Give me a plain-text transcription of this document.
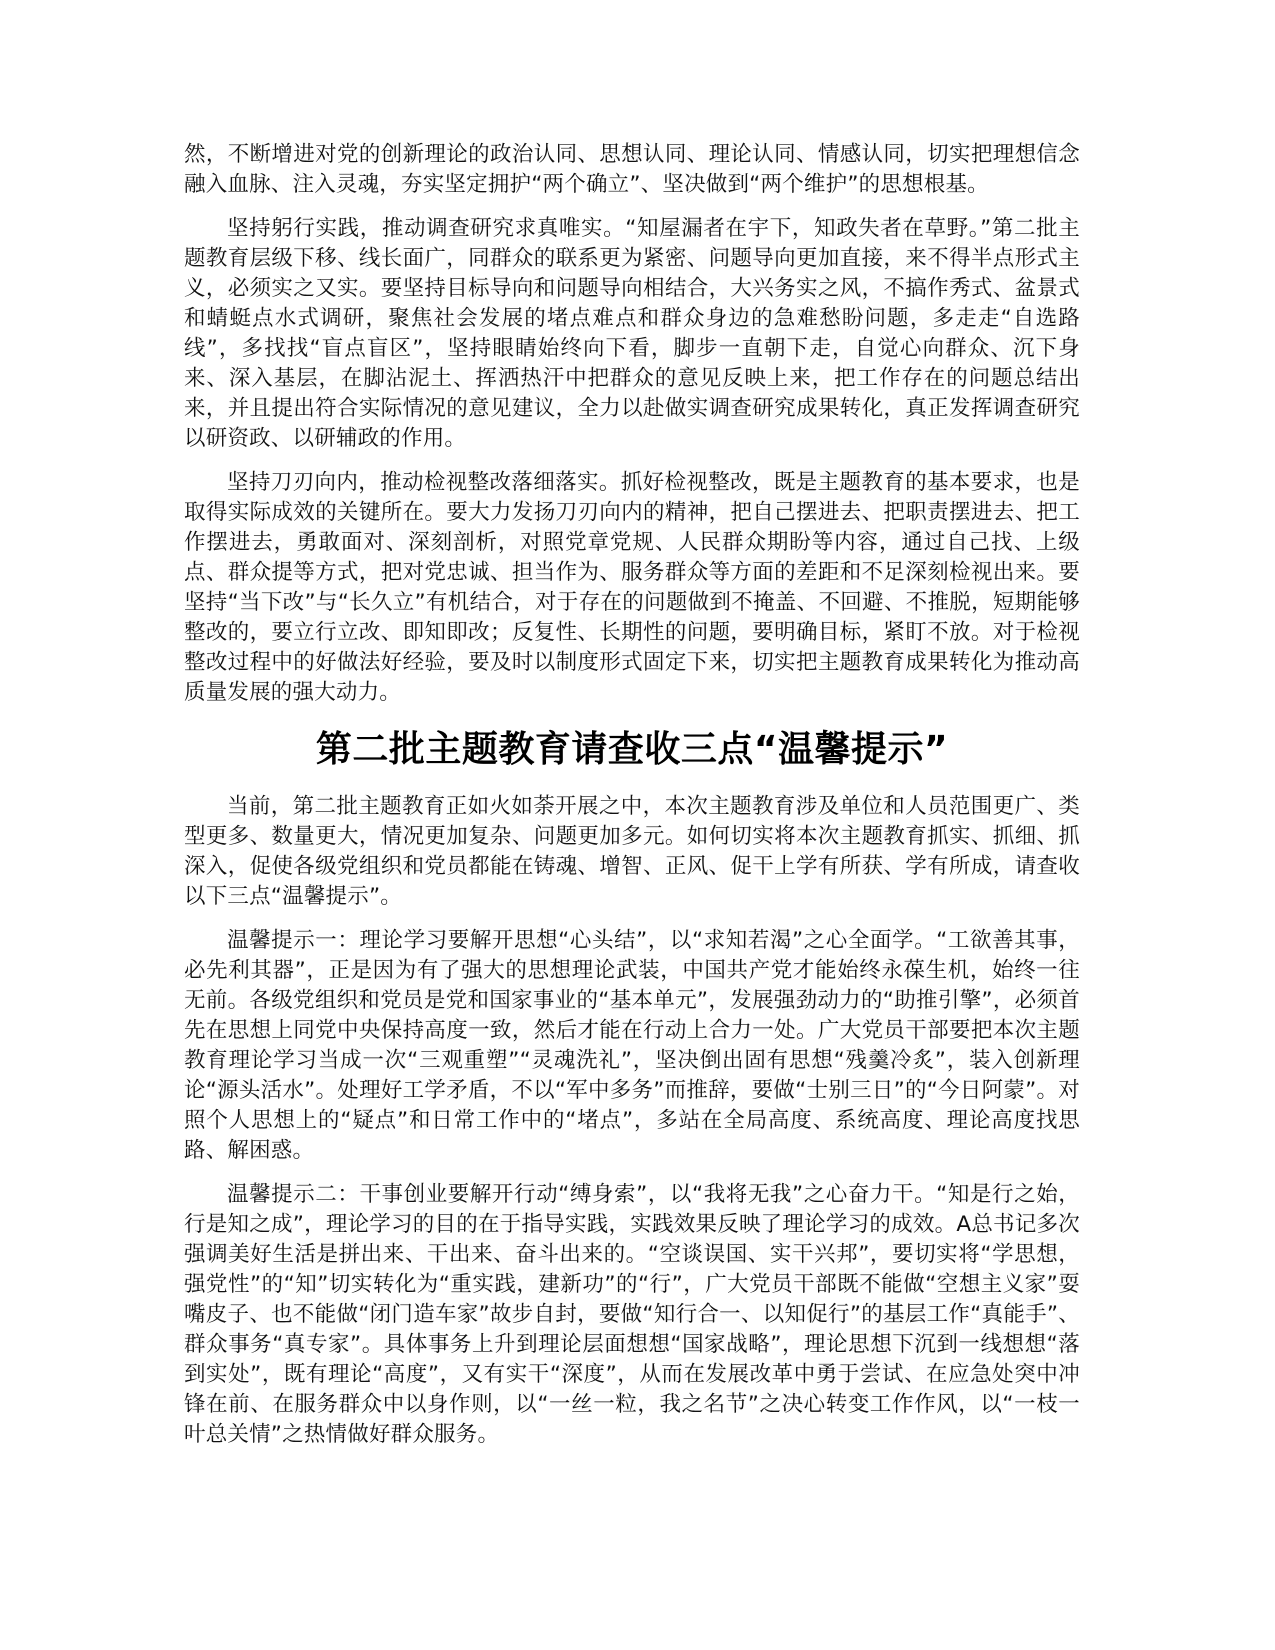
然，不断增进对党的创新理论的政治认同、思想认同、理论认同、情感认同，切实把理想信念融入血脉、注入灵魂，夯实坚定拥护“两个确立”、坚决做到“两个维护”的思想根基。

坚持躬行实践，推动调查研究求真唯实。“知屋漏者在宇下，知政失者在草野。”第二批主题教育层级下移、线长面广，同群众的联系更为紧密、问题导向更加直接，来不得半点形式主义，必须实之又实。要坚持目标导向和问题导向相结合，大兴务实之风，不搞作秀式、盆景式和蜻蜓点水式调研，聚焦社会发展的堵点难点和群众身边的急难愁盼问题，多走走“自选路线”，多找找“盲点盲区”，坚持眼睛始终向下看，脚步一直朝下走，自觉心向群众、沉下身来、深入基层，在脚沾泥土、挥洒热汗中把群众的意见反映上来，把工作存在的问题总结出来，并且提出符合实际情况的意见建议，全力以赴做实调查研究成果转化，真正发挥调查研究以研资政、以研辅政的作用。

坚持刀刃向内，推动检视整改落细落实。抓好检视整改，既是主题教育的基本要求，也是取得实际成效的关键所在。要大力发扬刀刃向内的精神，把自己摆进去、把职责摆进去、把工作摆进去，勇敢面对、深刻剖析，对照党章党规、人民群众期盼等内容，通过自己找、上级点、群众提等方式，把对党忠诚、担当作为、服务群众等方面的差距和不足深刻检视出来。要坚持“当下改”与“长久立”有机结合，对于存在的问题做到不掩盖、不回避、不推脱，短期能够整改的，要立行立改、即知即改；反复性、长期性的问题，要明确目标，紧盯不放。对于检视整改过程中的好做法好经验，要及时以制度形式固定下来，切实把主题教育成果转化为推动高质量发展的强大动力。

第二批主题教育请查收三点“温馨提示”

当前，第二批主题教育正如火如荼开展之中，本次主题教育涉及单位和人员范围更广、类型更多、数量更大，情况更加复杂、问题更加多元。如何切实将本次主题教育抓实、抓细、抓深入，促使各级党组织和党员都能在铸魂、增智、正风、促干上学有所获、学有所成，请查收以下三点“温馨提示”。

温馨提示一：理论学习要解开思想“心头结”，以“求知若渴”之心全面学。“工欲善其事，必先利其器”，正是因为有了强大的思想理论武装，中国共产党才能始终永葆生机，始终一往无前。各级党组织和党员是党和国家事业的“基本单元”，发展强劲动力的“助推引擎”，必须首先在思想上同党中央保持高度一致，然后才能在行动上合力一处。广大党员干部要把本次主题教育理论学习当成一次“三观重塑”“灵魂洗礼”，坚决倒出固有思想“残羹冷炙”，装入创新理论“源头活水”。处理好工学矛盾，不以“军中多务”而推辞，要做“士别三日”的“今日阿蒙”。对照个人思想上的“疑点”和日常工作中的“堵点”，多站在全局高度、系统高度、理论高度找思路、解困惑。

温馨提示二：干事创业要解开行动“缚身索”，以“我将无我”之心奋力干。“知是行之始，行是知之成”，理论学习的目的在于指导实践，实践效果反映了理论学习的成效。A总书记多次强调美好生活是拼出来、干出来、奋斗出来的。“空谈误国、实干兴邦”，要切实将“学思想，强党性”的“知”切实转化为“重实践，建新功”的“行”，广大党员干部既不能做“空想主义家”耍嘴皮子、也不能做“闭门造车家”故步自封，要做“知行合一、以知促行”的基层工作“真能手”、群众事务“真专家”。具体事务上升到理论层面想想“国家战略”，理论思想下沉到一线想想“落到实处”，既有理论“高度”，又有实干“深度”，从而在发展改革中勇于尝试、在应急处突中冲锋在前、在服务群众中以身作则，以“一丝一粒，我之名节”之决心转变工作作风，以“一枝一叶总关情”之热情做好群众服务。
